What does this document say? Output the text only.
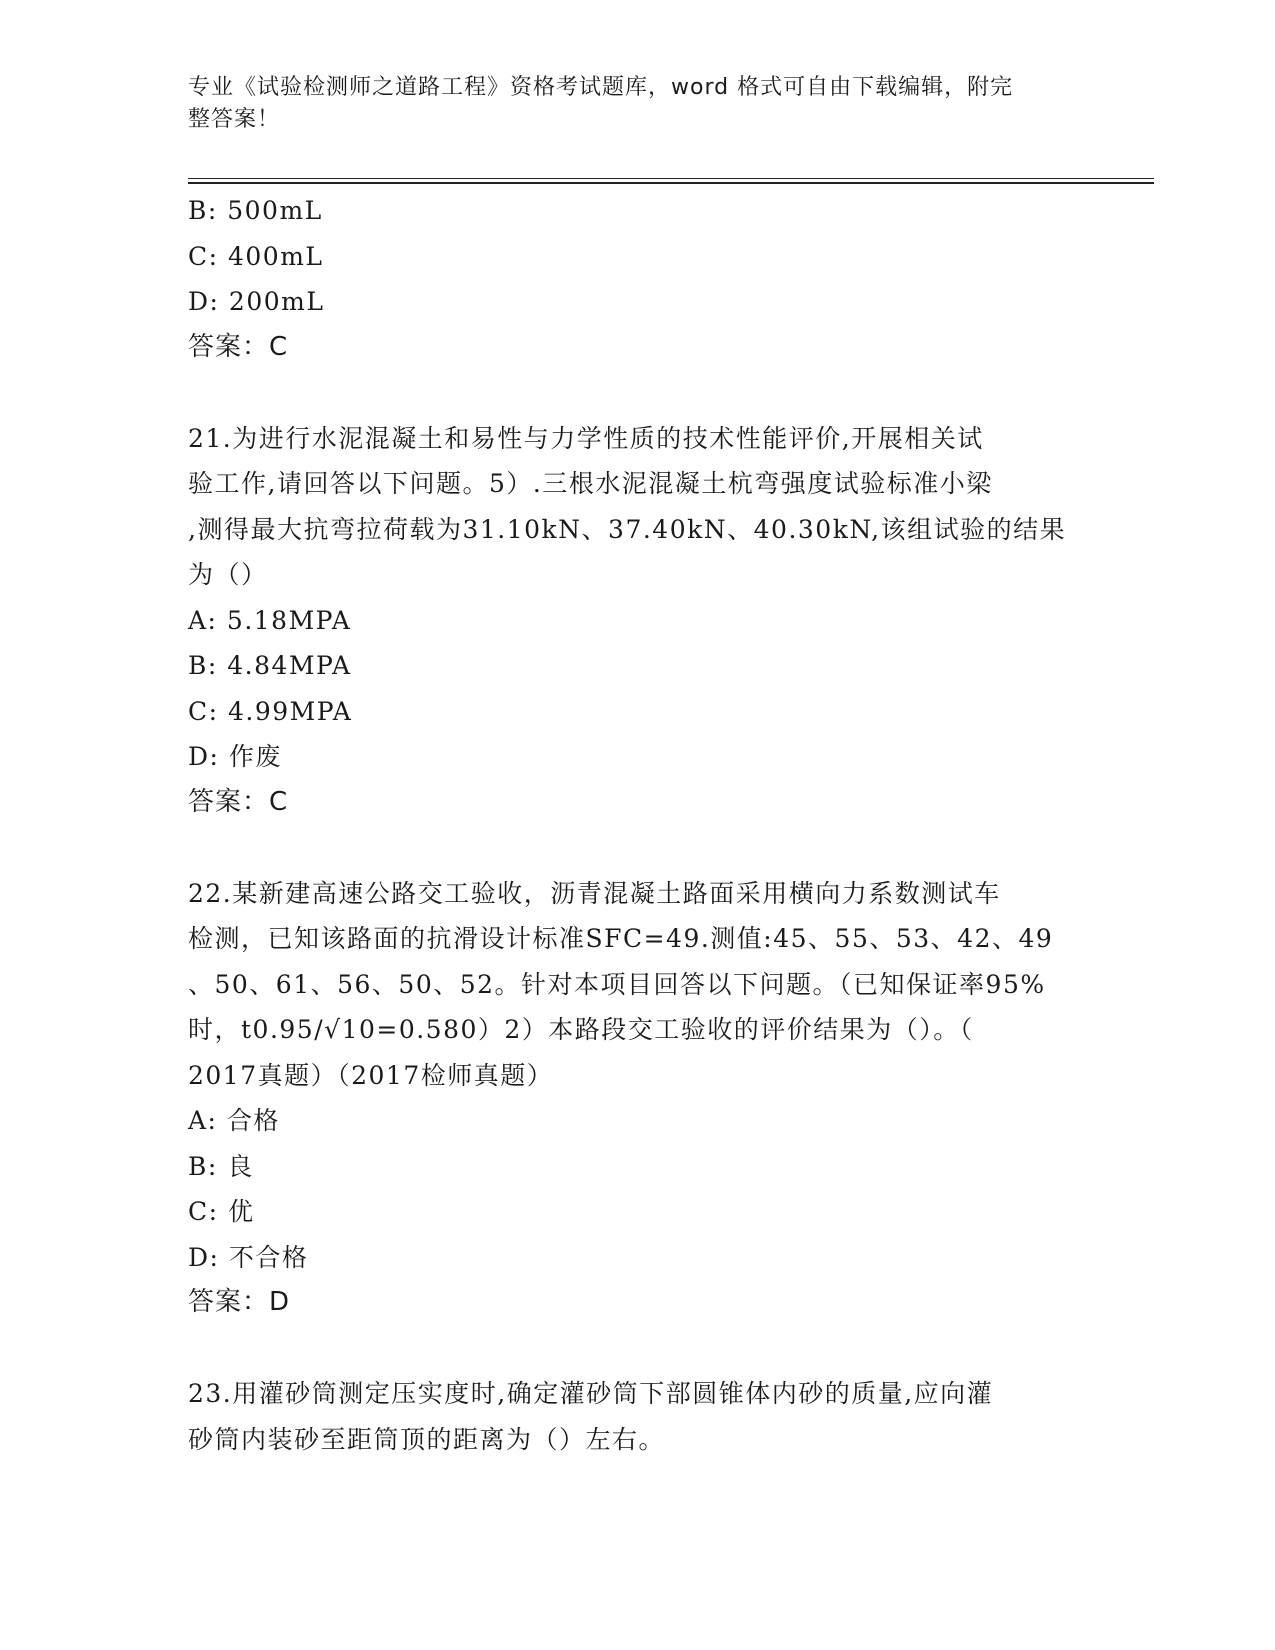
专业《试验检测师之道路工程》资格考试题库，word 格式可自由下载编辑，附完
整答案！
B: 500mL
C: 400mL
D: 200mL
答案：C
21.为进行水泥混凝土和易性与力学性质的技术性能评价,开展相关试
验工作,请回答以下问题。5）.三根水泥混凝土杭弯强度试验标准小梁
,测得最大抗弯拉荷载为31.10kN、37.40kN、40.30kN,该组试验的结果
为（）
A: 5.18MPA
B: 4.84MPA
C: 4.99MPA
D: 作废
答案：C
22.某新建高速公路交工验收，沥青混凝土路面采用横向力系数测试车
检测，已知该路面的抗滑设计标准SFC=49.测值:45、55、53、42、49
、50、61、56、50、52。针对本项目回答以下问题。（已知保证率95%
时，t0.95/√10=0.580）2）本路段交工验收的评价结果为（）。（
2017真题）（2017检师真题）
A: 合格
B: 良
C: 优
D: 不合格
答案：D
23.用灌砂筒测定压实度时,确定灌砂筒下部圆锥体内砂的质量,应向灌
砂筒内装砂至距筒顶的距离为（）左右。
